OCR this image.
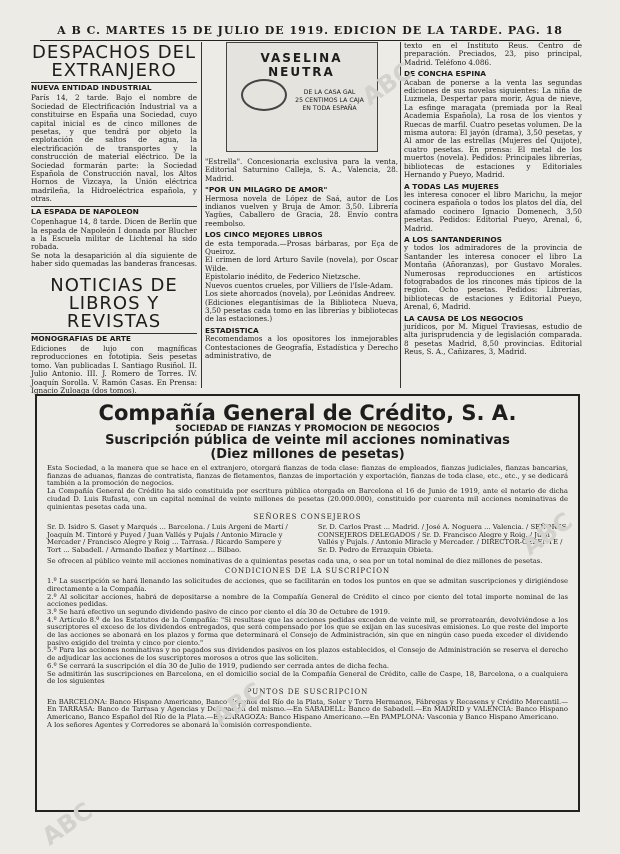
A B C. MARTES 15 DE JULIO DE 1919. EDICION DE LA TARDE. PAG. 18
DESPACHOS DEL EXTRANJERO
NUEVA ENTIDAD INDUSTRIAL

París 14, 2 tarde. Bajo el nombre de Sociedad de Electrificación Industrial va a constituirse en España una Sociedad, cuyo capital inicial es de cinco millones de pesetas, y que tendrá por objeto la explotación de saltos de agua, la electrificación de transportes y la construcción de material eléctrico. De la Sociedad formarán parte: la Sociedad Española de Construcción naval, los Altos Hornos de Vizcaya, la Unión eléctrica madrileña, la Hidroeléctrica española, y otras.

LA ESPADA DE NAPOLEON

Copenhague 14, 8 tarde. Dicen de Berlín que la espada de Napoleón I donada por Blucher a la Escuela militar de Lichtenal ha sido robada.

Se nota la desaparición al día siguiente de haber sido quemadas las banderas francesas.

NOTICIAS DE LIBROS Y REVISTAS
MONOGRAFIAS DE ARTE

Ediciones de lujo con magníficas reproducciones en fototipia. Seis pesetas tomo. Van publicadas I. Santiago Rusiñol. II. Julio Antonio. III. J. Romero de Torres. IV. Joaquín Sorolla. V. Ramón Casas. En Prensa: Ignacio Zuloaga (dos tomos).

VASELINA NEUTRA
DE LA CASA GAL
25 CENTIMOS LA CAJA
EN TODA ESPAÑA

"Estrella". Concesionaria exclusiva para la venta, Editorial Saturnino Calleja, S. A., Valencia, 28. Madrid.

"POR UN MILAGRO DE AMOR"

Hermosa novela de López de Saá, autor de Los indianos vuelven y Bruja de Amor. 3,50. Librería Yagües, Caballero de Gracia, 28. Envío contra reembolso.

LOS CINCO MEJORES LIBROS

de esta temporada.—Prosas bárbaras, por Eça de Queiroz.

El crimen de lord Arturo Savile (novela), por Oscar Wilde.

Epistolario inédito, de Federico Nietzsche.

Nuevos cuentos crueles, por Villiers de l'Isle-Adam.

Los siete ahorcados (novela), por Leónidas Andreev.

(Ediciones elegantísimas de la Biblioteca Nueva, 3,50 pesetas cada tomo en las librerías y bibliotecas de las estaciones.)

ESTADISTICA

Recomendamos a los opositores los inmejorables Contestaciones de Geografía, Estadística y Derecho administrativo, de

texto en el Instituto Reus. Centro de preparación. Preciados, 23, piso principal, Madrid. Teléfono 4.086.

DE CONCHA ESPINA

Acaban de ponerse a la venta las segundas ediciones de sus novelas siguientes: La niña de Luzmela, Despertar para morir, Agua de nieve, La esfinge maragata (premiada por la Real Academia Española), La rosa de los vientos y Ruecas de marfil. Cuatro pesetas volumen. De la misma autora: El jayón (drama), 3,50 pesetas, y Al amor de las estrellas (Mujeres del Quijote), cuatro pesetas. En prensa: El metal de los muertos (novela). Pedidos: Principales librerías, bibliotecas de estaciones y Editoriales Hernando y Pueyo, Madrid.

A TODAS LAS MUJERES

les interesa conocer el libro Marichu, la mejor cocinera española o todos los platos del día, del afamado cocinero Ignacio Domenech, 3,50 pesetas. Pedidos: Editorial Pueyo, Arenal, 6, Madrid.

A LOS SANTANDERINOS

y todos los admiradores de la provincia de Santander les interesa conocer el libro La Montaña (Añoranzas), por Gustavo Morales. Numerosas reproducciones en artísticos fotograbados de los rincones más típicos de la región. Ocho pesetas. Pedidos: Librerías, bibliotecas de estaciones y Editorial Pueyo, Arenal, 6, Madrid.

LA CAUSA DE LOS NEGOCIOS

jurídicos, por M. Miguel Traviesas, estudio de alta jurisprudencia y de legislación comparada. 8 pesetas Madrid, 8,50 provincias. Editorial Reus, S. A., Cañizares, 3, Madrid.

Compañía General de Crédito, S. A.
SOCIEDAD DE FIANZAS Y PROMOCION DE NEGOCIOS
Suscripción pública de veinte mil acciones nominativas
(Diez millones de pesetas)

Esta Sociedad, a la manera que se hace en el extranjero, otorgará fianzas de toda clase: fianzas de empleados, fianzas judiciales, fianzas bancarias, fianzas de aduanas, fianzas de contratista, fianzas de fletamentos, fianzas de importación y exportación, fianzas de toda clase, etc., etc., y se dedicará también a la promoción de negocios.

La Compañía General de Crédito ha sido constituida por escritura pública otorgada en Barcelona el 16 de Junio de 1919, ante el notario de dicha ciudad D. Luis Rufasta, con un capital nominal de veinte millones de pesetas (20.000.000), constituido por cuarenta mil acciones nominativas de quinientas pesetas cada una.

SEÑORES CONSEJEROS
Sr. D. Isidro S. Gaset y Marqués ... Barcelona. / Luis Argeni de Martí / Joaquín M. Tintoré y Puyed / Juan Vallés y Pujals / Antonio Miracle y Mercader / Francisco Alegre y Roig ... Tarrasa. / Ricardo Sampere y Tort ... Sabadell. / Armando Ibañez y Martínez ... Bilbao.
Sr. D. Carlos Prast ... Madrid. / José A. Noguera ... Valencia. / SEÑORES CONSEJEROS DELEGADOS / Sr. D. Francisco Alegre y Roig. / Juan Vallés y Pujals. / Antonio Miracle y Mercader. / DIRECTOR-GERENTE / Sr. D. Pedro de Errazquin Obieta.

Se ofrecen al público veinte mil acciones nominativas de a quinientas pesetas cada una, o sea por un total nominal de diez millones de pesetas.

CONDICIONES DE LA SUSCRIPCION

1.º La suscripción se hará llenando las solicitudes de acciones, que se facilitarán en todos los puntos en que se admitan suscripciones y dirigiéndose directamente a la Compañía.

2.º Al solicitar acciones, habrá de depositarse a nombre de la Compañía General de Crédito el cinco por ciento del total importe nominal de las acciones pedidas.

3.º Se hará efectivo un segundo dividendo pasivo de cinco por ciento el día 30 de Octubre de 1919.

4.º Artículo 8.º de los Estatutos de la Compañía: "Si resultase que las acciones pedidas exceden de veinte mil, se prorratearán, devolviéndose a los suscriptores el exceso de los dividendos entregados, que será compensado por los que se exijan en las sucesivas emisiones. Lo que reste del importe de las acciones se abonará en los plazos y forma que determinará el Consejo de Administración, sin que en ningún caso pueda exceder el dividendo pasivo exigido del treinta y cinco por ciento."

5.º Para las acciones nominativas y no pagados sus dividendos pasivos en los plazos establecidos, el Consejo de Administración se reserva el derecho de adjudicar las acciones de los suscriptores morosos a otros que las soliciten.

6.º Se cerrará la suscripción el día 30 de Julio de 1919, pudiendo ser cerrada antes de dicha fecha.

Se admitirán las suscripciones en Barcelona, en el domicilio social de la Compañía General de Crédito, calle de Caspe, 18, Barcelona, o a cualquiera de los siguientes

PUNTOS DE SUSCRIPCION

En BARCELONA: Banco Hispano Americano, Banco Español del Río de la Plata, Soler y Torra Hermanos, Fábregas y Recasens y Crédito Mercantil.—En TARRASA: Banco de Tarrasa y Agencias y Delegación del mismo.—En SABADELL: Banco de Sabadell.—En MADRID y VALENCIA: Banco Hispano Americano, Banco Español del Río de la Plata.—En ZARAGOZA: Banco Hispano Americano.—En PAMPLONA: Vasconia y Banco Hispano Americano.

A los señores Agentes y Corredores se abonará la comisión correspondiente.

ABC
ABC
ABC
ABC
